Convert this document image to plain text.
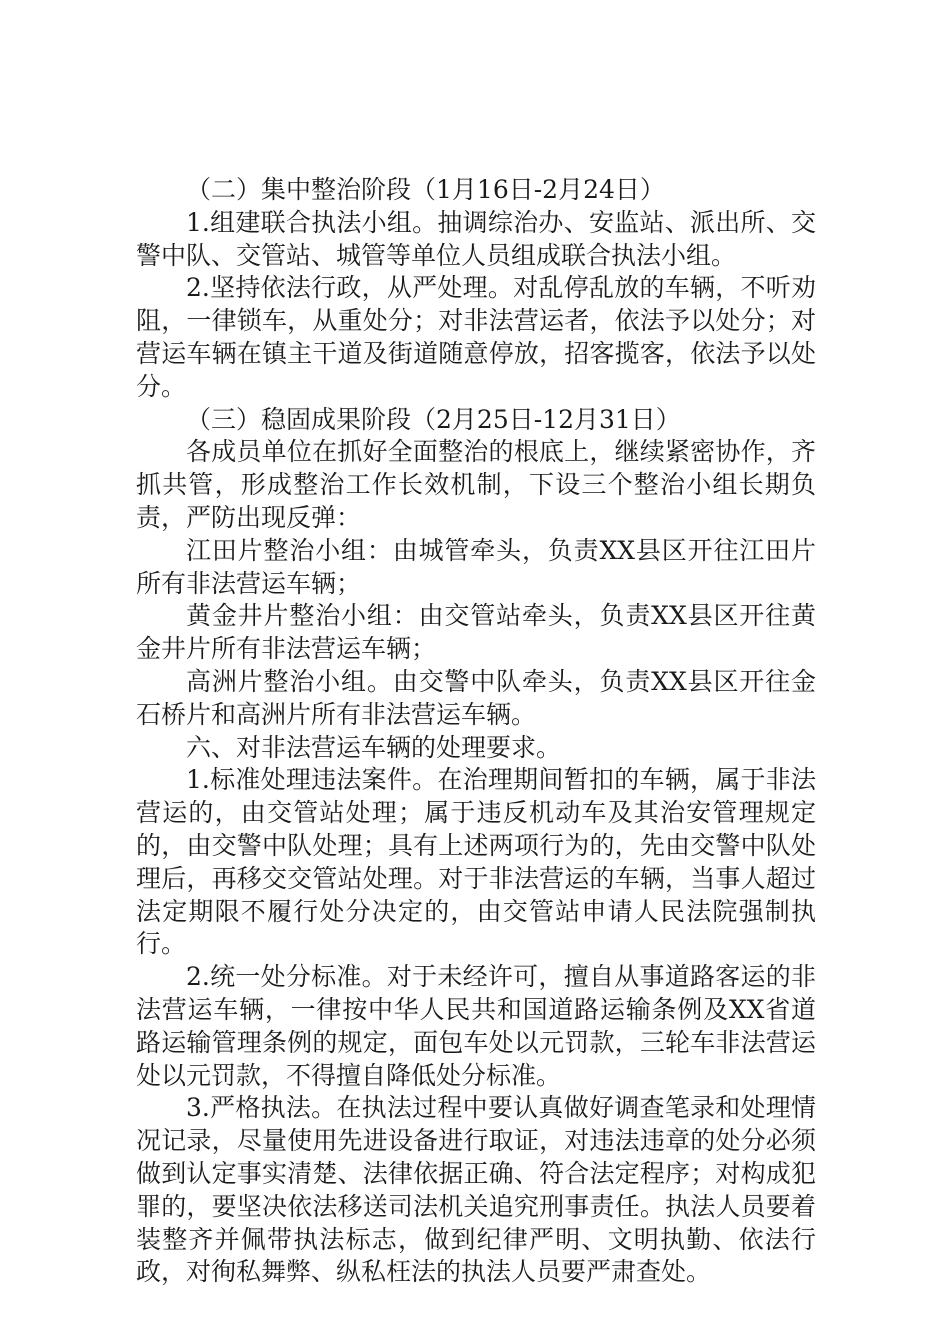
（二）集中整治阶段（1月16日-2月24日）

1.组建联合执法小组。抽调综治办、安监站、派出所、交警中队、交管站、城管等单位人员组成联合执法小组。

2.坚持依法行政，从严处理。对乱停乱放的车辆，不听劝阻，一律锁车，从重处分；对非法营运者，依法予以处分；对营运车辆在镇主干道及街道随意停放，招客揽客，依法予以处分。

（三）稳固成果阶段（2月25日-12月31日）

各成员单位在抓好全面整治的根底上，继续紧密协作，齐抓共管，形成整治工作长效机制，下设三个整治小组长期负责，严防出现反弹：

江田片整治小组：由城管牵头，负责XX县区开往江田片所有非法营运车辆；

黄金井片整治小组：由交管站牵头，负责XX县区开往黄金井片所有非法营运车辆；

高洲片整治小组。由交警中队牵头，负责XX县区开往金石桥片和高洲片所有非法营运车辆。

六、对非法营运车辆的处理要求。

1.标准处理违法案件。在治理期间暂扣的车辆，属于非法营运的，由交管站处理；属于违反机动车及其治安管理规定的，由交警中队处理；具有上述两项行为的，先由交警中队处理后，再移交交管站处理。对于非法营运的车辆，当事人超过法定期限不履行处分决定的，由交管站申请人民法院强制执行。

2.统一处分标准。对于未经许可，擅自从事道路客运的非法营运车辆，一律按中华人民共和国道路运输条例及XX省道路运输管理条例的规定，面包车处以元罚款，三轮车非法营运处以元罚款，不得擅自降低处分标准。

3.严格执法。在执法过程中要认真做好调查笔录和处理情况记录，尽量使用先进设备进行取证，对违法违章的处分必须做到认定事实清楚、法律依据正确、符合法定程序；对构成犯罪的，要坚决依法移送司法机关追究刑事责任。执法人员要着装整齐并佩带执法标志，做到纪律严明、文明执勤、依法行政，对徇私舞弊、纵私枉法的执法人员要严肃查处。
